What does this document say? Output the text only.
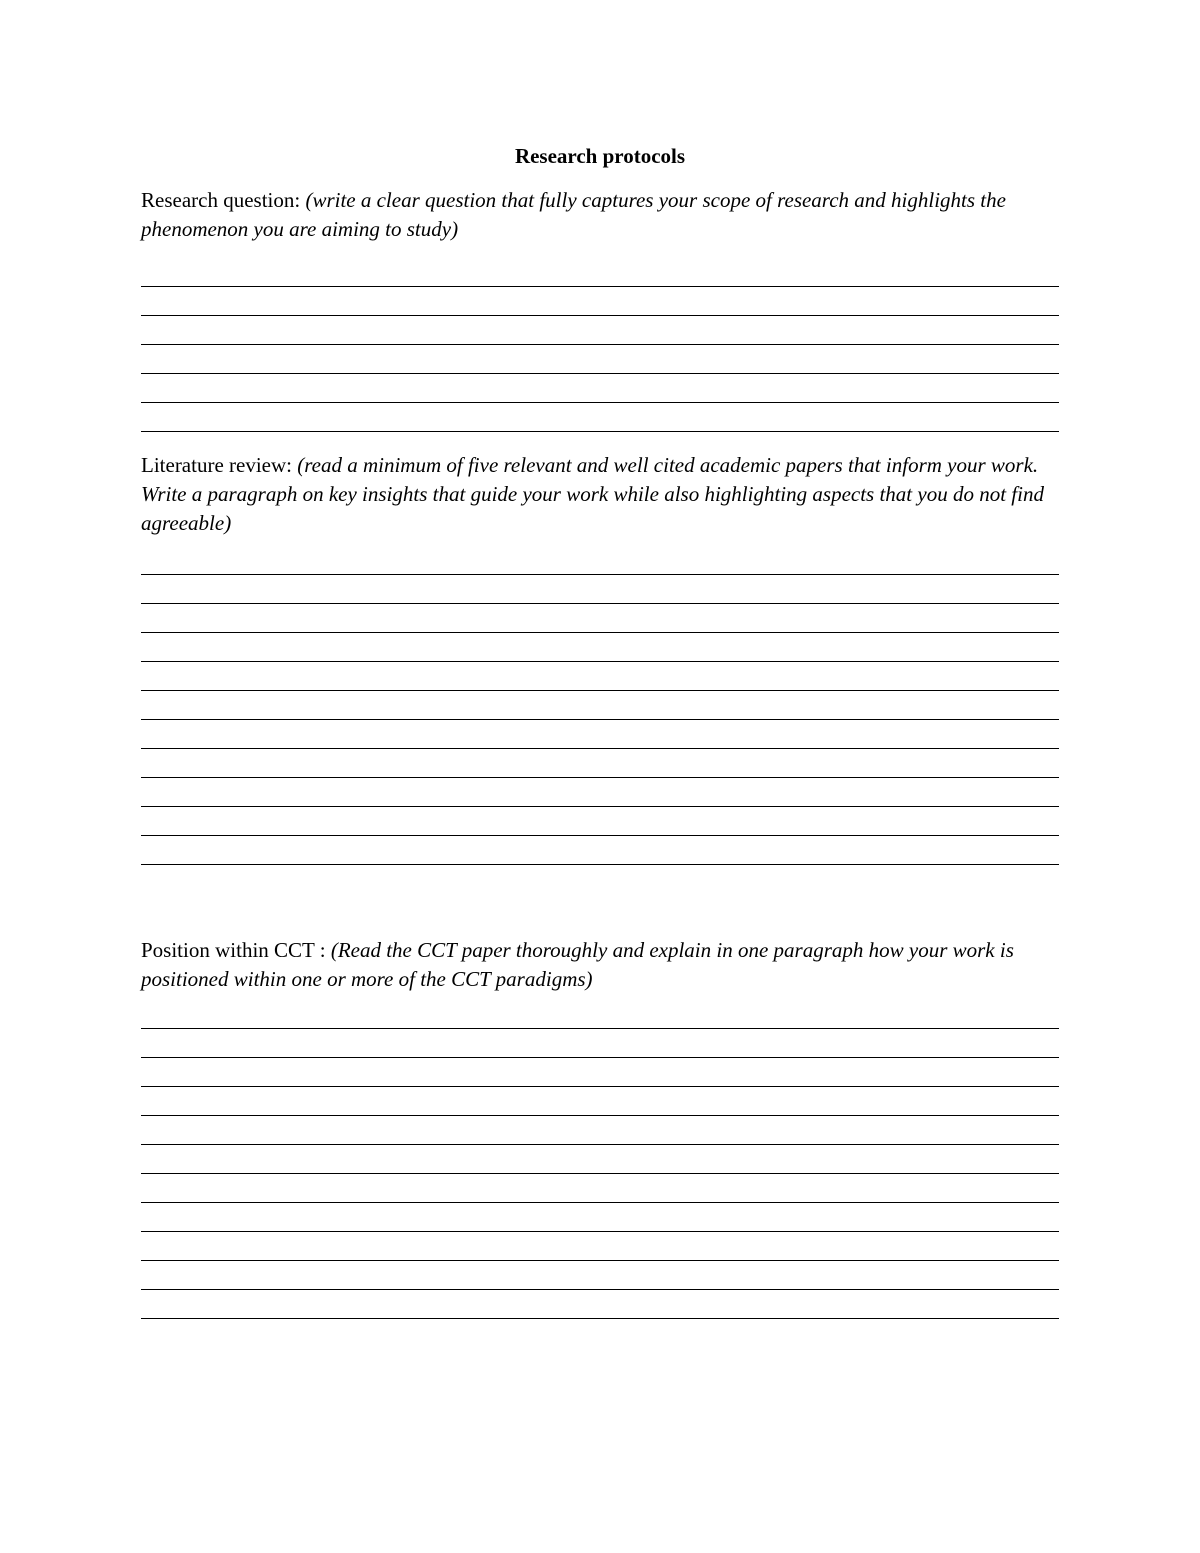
Research protocols

Research question: (write a clear question that fully captures your scope of research and highlights the phenomenon you are aiming to study)

Literature review: (read a minimum of five relevant and well cited academic papers that inform your work. Write a paragraph on key insights that guide your work while also highlighting aspects that you do not find agreeable)

Position within CCT : (Read the CCT paper thoroughly and explain in one paragraph how your work is positioned within one or more of the CCT paradigms)
